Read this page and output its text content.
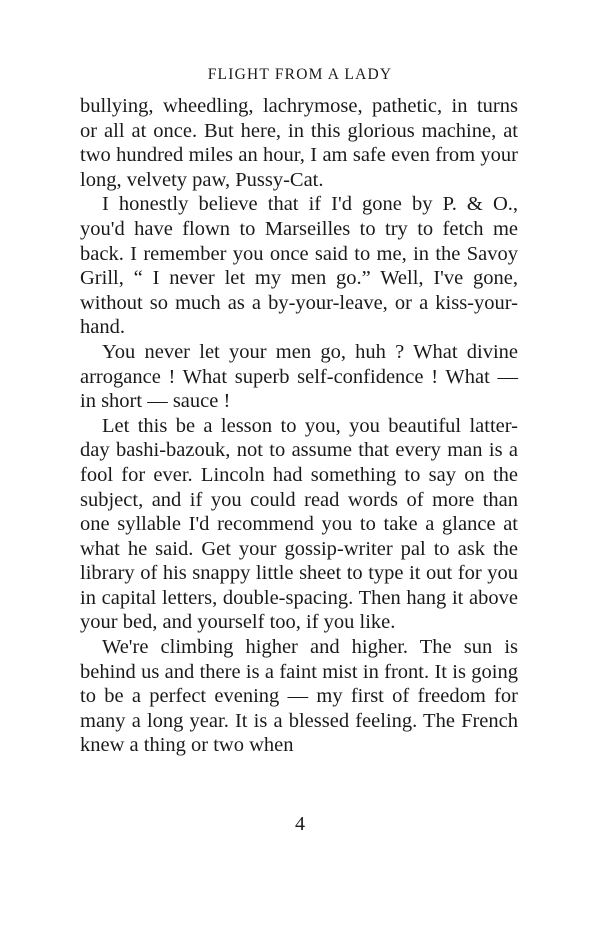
FLIGHT FROM A LADY

bullying, wheedling, lachrymose, pathetic, in turns or all at once. But here, in this glorious machine, at two hundred miles an hour, I am safe even from your long, velvety paw, Pussy-Cat.

I honestly believe that if I'd gone by P. & O., you'd have flown to Marseilles to try to fetch me back. I remember you once said to me, in the Savoy Grill, “ I never let my men go.” Well, I've gone, without so much as a by-your-leave, or a kiss-your-hand.

You never let your men go, huh ? What divine arrogance ! What superb self-confidence ! What — in short — sauce !

Let this be a lesson to you, you beautiful latter-day bashi-bazouk, not to assume that every man is a fool for ever. Lincoln had something to say on the subject, and if you could read words of more than one syllable I'd recommend you to take a glance at what he said. Get your gossip-writer pal to ask the library of his snappy little sheet to type it out for you in capital letters, double-spacing. Then hang it above your bed, and yourself too, if you like.

We're climbing higher and higher. The sun is behind us and there is a faint mist in front. It is going to be a perfect evening — my first of freedom for many a long year. It is a blessed feeling. The French knew a thing or two when

4
